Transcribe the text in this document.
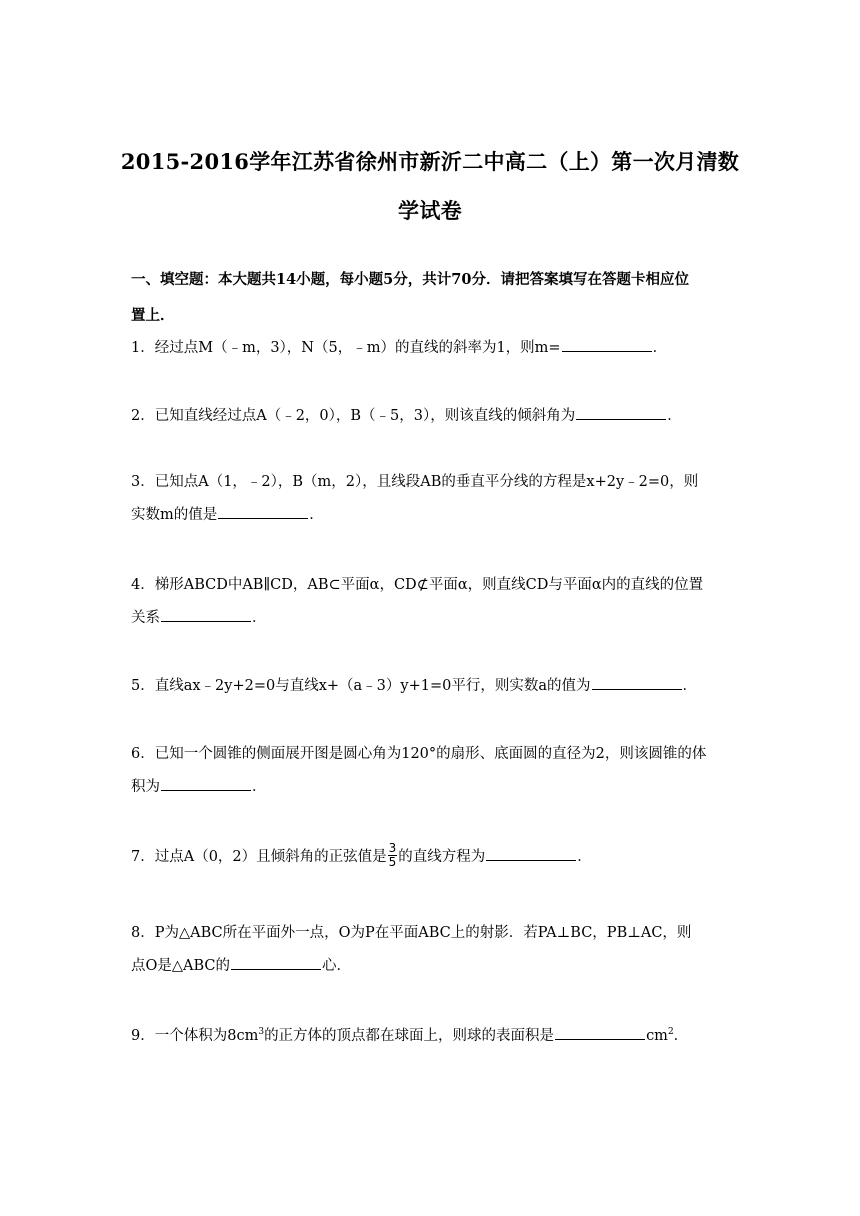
2015-2016学年江苏省徐州市新沂二中高二（上）第一次月清数
学试卷
一、填空题：本大题共14小题，每小题5分，共计70分．请把答案填写在答题卡相应位
置上．
1．经过点M（﹣m，3），N（5，﹣m）的直线的斜率为1，则m=	．
2．已知直线经过点A（﹣2，0），B（﹣5，3），则该直线的倾斜角为	．
3．已知点A（1，﹣2），B（m，2），且线段AB的垂直平分线的方程是x+2y﹣2=0，则
实数m的值是	．
4．梯形ABCD中AB∥CD，AB⊂平面α，CD⊄平面α，则直线CD与平面α内的直线的位置
关系	．
5．直线ax﹣2y+2=0与直线x+（a﹣3）y+1=0平行，则实数a的值为	．
6．已知一个圆锥的侧面展开图是圆心角为120°的扇形、底面圆的直径为2，则该圆锥的体
积为	．
7．过点A（0，2）且倾斜角的正弦值是 $\frac{3}{5}$ 的直线方程为	．
8．P为△ABC所在平面外一点，O为P在平面ABC上的射影．若PA⊥BC，PB⊥AC，则
点O是△ABC的	心．
9．一个体积为$8cm^3$的正方体的顶点都在球面上，则球的表面积是	$cm^2$．
